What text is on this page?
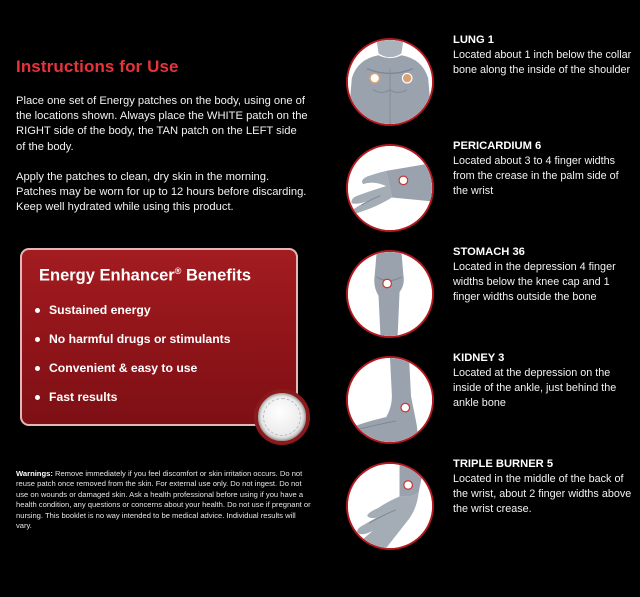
Instructions for Use
Place one set of Energy patches on the body, using one of the locations shown. Always place the WHITE patch on the RIGHT side of the body, the TAN patch on the LEFT side of the body.
Apply the patches to clean, dry skin in the morning. Patches may be worn for up to 12 hours before discarding. Keep well hydrated while using this product.
Energy Enhancer® Benefits
Sustained energy
No harmful drugs or stimulants
Convenient & easy to use
Fast results
Warnings: Remove immediately if you feel discomfort or skin irritation occurs. Do not reuse patch once removed from the skin. For external use only. Do not ingest. Do not use on wounds or damaged skin. Ask a health professional before using if you have a health condition, any questions or concerns about your health. Do not use if pregnant or nursing. This booklet is no way intended to be medical advice. Individual results will vary.
LUNG 1
Located about 1 inch below the collar bone along the inside of the shoulder
PERICARDIUM 6
Located about 3 to 4 finger widths from the crease in the palm side of the wrist
STOMACH 36
Located in the depression 4 finger widths below the knee cap and 1 finger widths outside the bone
KIDNEY 3
Located at the depression on the inside of the ankle, just behind the ankle bone
TRIPLE BURNER 5
Located in the middle of the back of the wrist, about 2 finger widths above the wrist crease.
